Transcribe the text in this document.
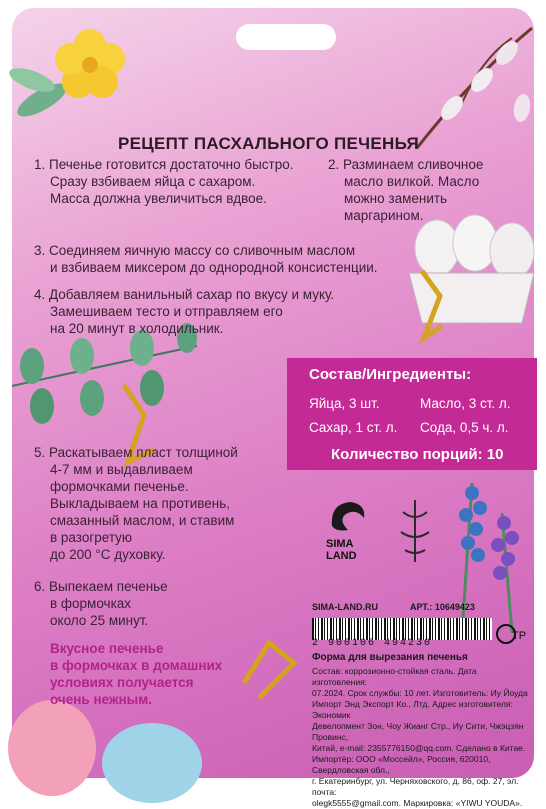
РЕЦЕПТ ПАСХАЛЬНОГО ПЕЧЕНЬЯ
1. Печенье готовится достаточно быстро.
Сразу взбиваем яйца с сахаром.
Масса должна увеличиться вдвое.
2. Разминаем сливочное
масло вилкой. Масло
можно заменить
маргарином.
3. Соединяем яичную массу со сливочным маслом
и взбиваем миксером до однородной консистенции.
4. Добавляем ванильный сахар по вкусу и муку.
Замешиваем тесто и отправляем его
на 20 минут в холодильник.
Состав/Ингредиенты:
Яйца, 3 шт.	Масло, 3 ст. л.
Сахар, 1 ст. л. Сода, 0,5 ч. л.
Количество порций: 10
5. Раскатываем пласт толщиной
4-7 мм и выдавливаем
формочками печенье.
Выкладываем на противень,
смазанный маслом, и ставим
в разогретую
до 200 °С духовку.
6. Выпекаем печенье
в формочках
около 25 минут.
Вкусное печенье
в формочках в домашних
условиях получается
очень нежным.
SIMA
LAND
SIMA-LAND.RU	АРТ.: 10649423
2 900106 494230
TP
Форма для вырезания печенья
Состав: коррозионно-стойкая сталь. Дата изготовления:
07.2024. Срок службы: 10 лет. Изготовитель: Иу Йоуда
Импорт Энд Экспорт Ко., Лтд. Адрес изготовителя: Экономик
Девелопмент Зон, Чоу Жианг Стр., Иу Сити, Чжэцзян Провинс,
Китай, e-mail: 2355776150@qq.com. Сделано в Китае.
Импортёр: ООО «Моссейл», Россия, 620010, Свердловская обл.,
г. Екатеринбург, ул. Черняховского, д. 86, оф. 27, эл. почта:
olegk5555@gmail.com. Маркировка: «YIWU YOUDA».
